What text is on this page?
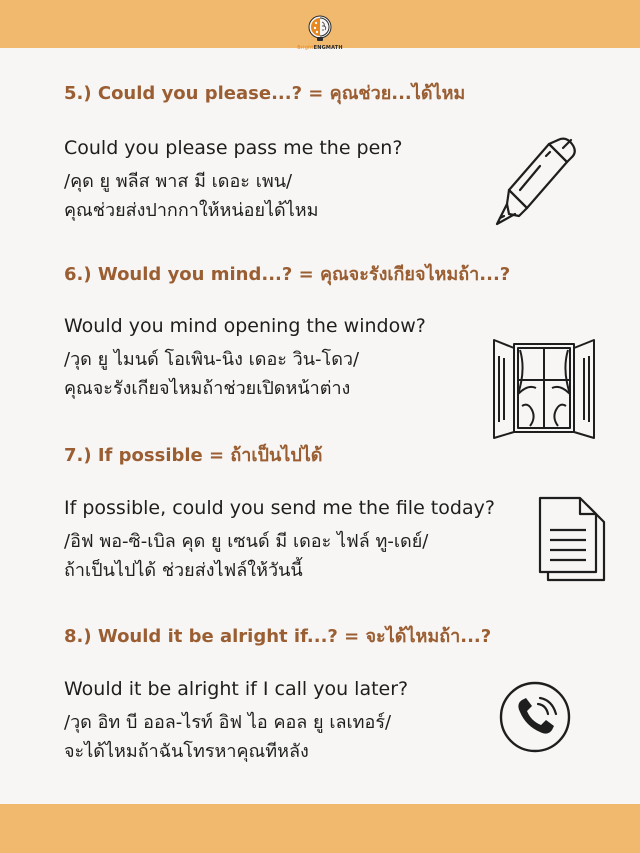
BrightENGMATH
5.) Could you please...? = คุณช่วย...ได้ไหม

Could you please pass me the pen?

/คุด ยู พลีส พาส มี เดอะ เพน/

คุณช่วยส่งปากกาให้หน่อยได้ไหม

6.) Would you mind...? = คุณจะรังเกียจไหมถ้า...?

Would you mind opening the window?

/วุด ยู ไมนด์ โอเพิน-นิง เดอะ วิน-โดว/

คุณจะรังเกียจไหมถ้าช่วยเปิดหน้าต่าง

7.) If possible = ถ้าเป็นไปได้

If possible, could you send me the file today?

/อิฟ พอ-ซิ-เบิล คุด ยู เซนด์ มี เดอะ ไฟล์ ทู-เดย์/

ถ้าเป็นไปได้ ช่วยส่งไฟล์ให้วันนี้

8.) Would it be alright if...? = จะได้ไหมถ้า...?

Would it be alright if I call you later?

/วุด อิท บี ออล-ไรท์ อิฟ ไอ คอล ยู เลเทอร์/

จะได้ไหมถ้าฉันโทรหาคุณทีหลัง
